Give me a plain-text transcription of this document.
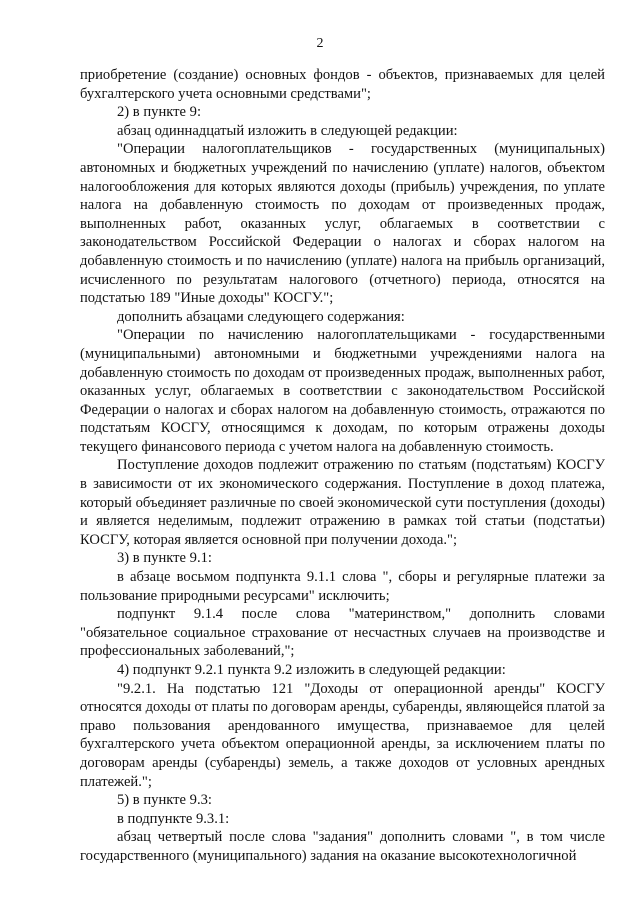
2

приобретение (создание) основных фондов - объектов, признаваемых для целей бухгалтерского учета основными средствами";

2) в пункте 9:

абзац одиннадцатый изложить в следующей редакции:

"Операции налогоплательщиков - государственных (муниципальных) автономных и бюджетных учреждений по начислению (уплате) налогов, объектом налогообложения для которых являются доходы (прибыль) учреждения, по уплате налога на добавленную стоимость по доходам от произведенных продаж, выполненных работ, оказанных услуг, облагаемых в соответствии с законодательством Российской Федерации о налогах и сборах налогом на добавленную стоимость и по начислению (уплате) налога на прибыль организаций, исчисленного по результатам налогового (отчетного) периода, относятся на подстатью 189 "Иные доходы" КОСГУ.";

дополнить абзацами следующего содержания:

"Операции по начислению налогоплательщиками - государственными (муниципальными) автономными и бюджетными учреждениями налога на добавленную стоимость по доходам от произведенных продаж, выполненных работ, оказанных услуг, облагаемых в соответствии с законодательством Российской Федерации о налогах и сборах налогом на добавленную стоимость, отражаются по подстатьям КОСГУ, относящимся к доходам, по которым отражены доходы текущего финансового периода с учетом налога на добавленную стоимость.

Поступление доходов подлежит отражению по статьям (подстатьям) КОСГУ в зависимости от их экономического содержания. Поступление в доход платежа, который объединяет различные по своей экономической сути поступления (доходы) и является неделимым, подлежит отражению в рамках той статьи (подстатьи) КОСГУ, которая является основной при получении дохода.";

3) в пункте 9.1:

в абзаце восьмом подпункта 9.1.1 слова ", сборы и регулярные платежи за пользование природными ресурсами" исключить;

подпункт 9.1.4 после слова "материнством," дополнить словами "обязательное социальное страхование от несчастных случаев на производстве и профессиональных заболеваний,";

4) подпункт 9.2.1 пункта 9.2 изложить в следующей редакции:

"9.2.1. На подстатью 121 "Доходы от операционной аренды" КОСГУ относятся доходы от платы по договорам аренды, субаренды, являющейся платой за право пользования арендованного имущества, признаваемое для целей бухгалтерского учета объектом операционной аренды, за исключением платы по договорам аренды (субаренды) земель, а также доходов от условных арендных платежей.";

5) в пункте 9.3:

в подпункте 9.3.1:

абзац четвертый после слова "задания" дополнить словами ", в том числе государственного (муниципального) задания на оказание высокотехнологичной
